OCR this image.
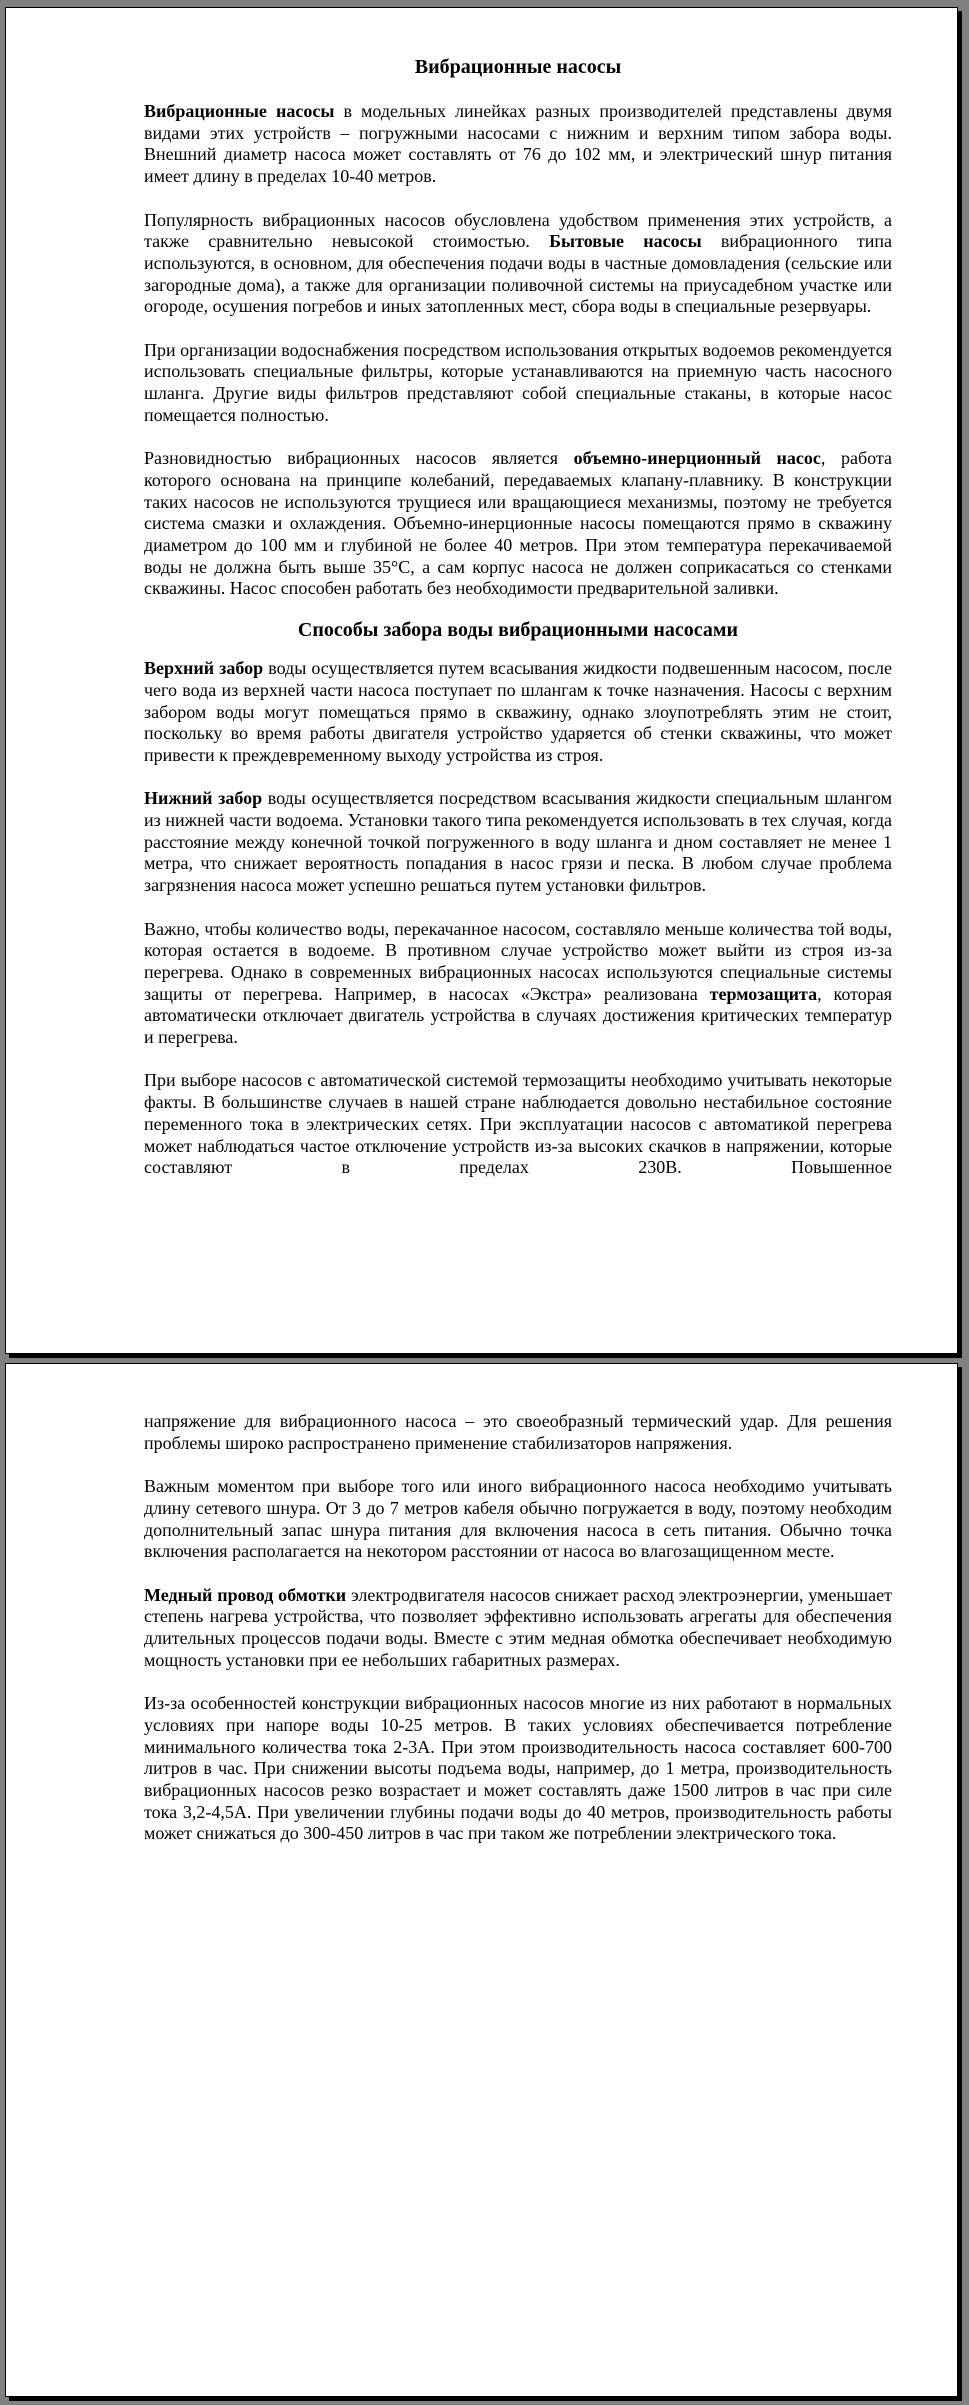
Вибрационные насосы

Вибрационные насосы в модельных линейках разных производителей представлены двумя видами этих устройств – погружными насосами с нижним и верхним типом забора воды. Внешний диаметр насоса может составлять от 76 до 102 мм, и электрический шнур питания имеет длину в пределах 10-40 метров.

Популярность вибрационных насосов обусловлена удобством применения этих устройств, а также сравнительно невысокой стоимостью. Бытовые насосы вибрационного типа используются, в основном, для обеспечения подачи воды в частные домовладения (сельские или загородные дома), а также для организации поливочной системы на приусадебном участке или огороде, осушения погребов и иных затопленных мест, сбора воды в специальные резервуары.

При организации водоснабжения посредством использования открытых водоемов рекомендуется использовать специальные фильтры, которые устанавливаются на приемную часть насосного шланга. Другие виды фильтров представляют собой специальные стаканы, в которые насос помещается полностью.

Разновидностью вибрационных насосов является объемно-инерционный насос, работа которого основана на принципе колебаний, передаваемых клапану-плавнику. В конструкции таких насосов не используются трущиеся или вращающиеся механизмы, поэтому не требуется система смазки и охлаждения. Объемно-инерционные насосы помещаются прямо в скважину диаметром до 100 мм и глубиной не более 40 метров. При этом температура перекачиваемой воды не должна быть выше 35°С, а сам корпус насоса не должен соприкасаться со стенками скважины. Насос способен работать без необходимости предварительной заливки.

Способы забора воды вибрационными насосами

Верхний забор воды осуществляется путем всасывания жидкости подвешенным насосом, после чего вода из верхней части насоса поступает по шлангам к точке назначения. Насосы с верхним забором воды могут помещаться прямо в скважину, однако злоупотреблять этим не стоит, поскольку во время работы двигателя устройство ударяется об стенки скважины, что может привести к преждевременному выходу устройства из строя.

Нижний забор воды осуществляется посредством всасывания жидкости специальным шлангом из нижней части водоема. Установки такого типа рекомендуется использовать в тех случая, когда расстояние между конечной точкой погруженного в воду шланга и дном составляет не менее 1 метра, что снижает вероятность попадания в насос грязи и песка. В любом случае проблема загрязнения насоса может успешно решаться путем установки фильтров.

Важно, чтобы количество воды, перекачанное насосом, составляло меньше количества той воды, которая остается в водоеме. В противном случае устройство может выйти из строя из-за перегрева. Однако в современных вибрационных насосах используются специальные системы защиты от перегрева. Например, в насосах «Экстра» реализована термозащита, которая автоматически отключает двигатель устройства в случаях достижения критических температур и перегрева.

При выборе насосов с автоматической системой термозащиты необходимо учитывать некоторые факты. В большинстве случаев в нашей стране наблюдается довольно нестабильное состояние переменного тока в электрических сетях. При эксплуатации насосов с автоматикой перегрева может наблюдаться частое отключение устройств из-за высоких скачков в напряжении, которые составляют в пределах 230В. Повышенное

напряжение для вибрационного насоса – это своеобразный термический удар. Для решения проблемы широко распространено применение стабилизаторов напряжения.

Важным моментом при выборе того или иного вибрационного насоса необходимо учитывать длину сетевого шнура. От 3 до 7 метров кабеля обычно погружается в воду, поэтому необходим дополнительный запас шнура питания для включения насоса в сеть питания. Обычно точка включения располагается на некотором расстоянии от насоса во влагозащищенном месте.

Медный провод обмотки электродвигателя насосов снижает расход электроэнергии, уменьшает степень нагрева устройства, что позволяет эффективно использовать агрегаты для обеспечения длительных процессов подачи воды. Вместе с этим медная обмотка обеспечивает необходимую мощность установки при ее небольших габаритных размерах.

Из-за особенностей конструкции вибрационных насосов многие из них работают в нормальных условиях при напоре воды 10-25 метров. В таких условиях обеспечивается потребление минимального количества тока 2-3А. При этом производительность насоса составляет 600-700 литров в час. При снижении высоты подъема воды, например, до 1 метра, производительность вибрационных насосов резко возрастает и может составлять даже 1500 литров в час при силе тока 3,2-4,5А. При увеличении глубины подачи воды до 40 метров, производительность работы может снижаться до 300-450 литров в час при таком же потреблении электрического тока.
